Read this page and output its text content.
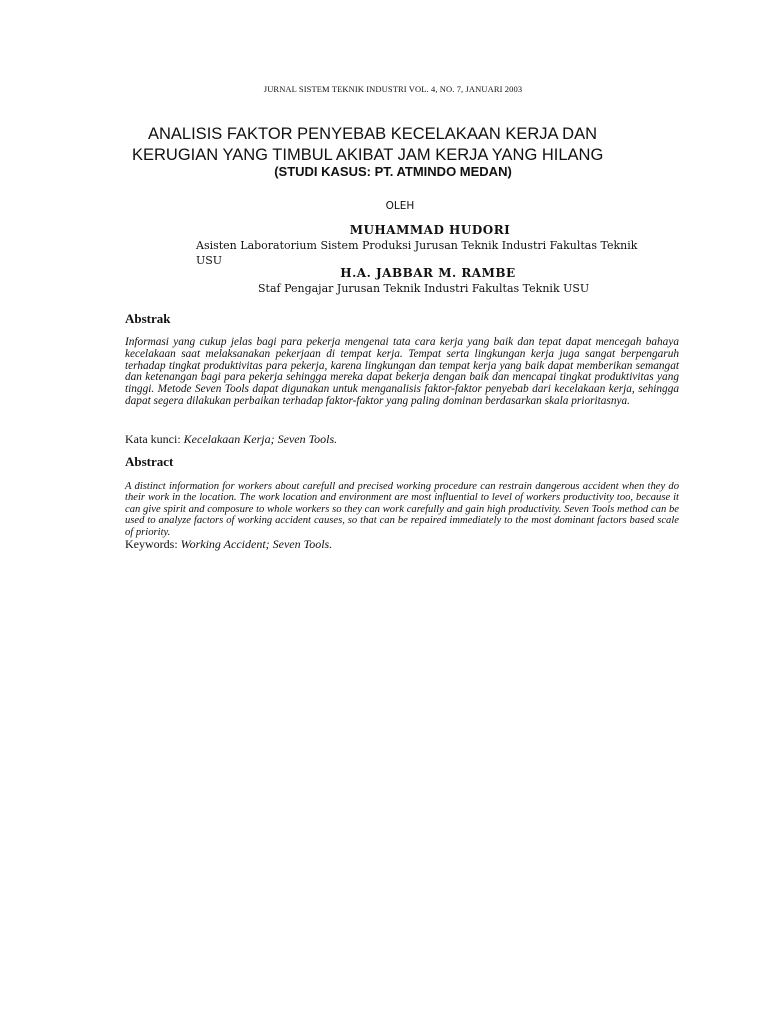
JURNAL SISTEM TEKNIK INDUSTRI VOL. 4, NO. 7, JANUARI 2003
ANALISIS FAKTOR PENYEBAB KECELAKAAN KERJA DAN
KERUGIAN YANG TIMBUL AKIBAT JAM KERJA YANG HILANG
(STUDI KASUS: PT. ATMINDO MEDAN)
OLEH
MUHAMMAD HUDORI
Asisten Laboratorium Sistem Produksi Jurusan Teknik Industri Fakultas Teknik USU
H.A. JABBAR M. RAMBE
Staf Pengajar Jurusan Teknik Industri Fakultas Teknik USU
Abstrak
Informasi yang cukup jelas bagi para pekerja mengenai tata cara kerja yang baik dan tepat dapat mencegah bahaya kecelakaan saat melaksanakan pekerjaan di tempat kerja. Tempat serta lingkungan kerja juga sangat berpengaruh terhadap tingkat produktivitas para pekerja, karena lingkungan dan tempat kerja yang baik dapat memberikan semangat dan ketenangan bagi para pekerja sehingga mereka dapat bekerja dengan baik dan mencapai tingkat produktivitas yang tinggi. Metode Seven Tools dapat digunakan untuk menganalisis faktor-faktor penyebab dari kecelakaan kerja, sehingga dapat segera dilakukan perbaikan terhadap faktor-faktor yang paling dominan berdasarkan skala prioritasnya.
Kata kunci: Kecelakaan Kerja; Seven Tools.
Abstract
A distinct information for workers about carefull and precised working procedure can restrain dangerous accident when they do their work in the location. The work location and environment are most influential to level of workers productivity too, because it can give spirit and composure to whole workers so they can work carefully and gain high productivity. Seven Tools method can be used to analyze factors of working accident causes, so that can be repaired immediately to the most dominant factors based scale of priority.
Keywords: Working Accident; Seven Tools.
